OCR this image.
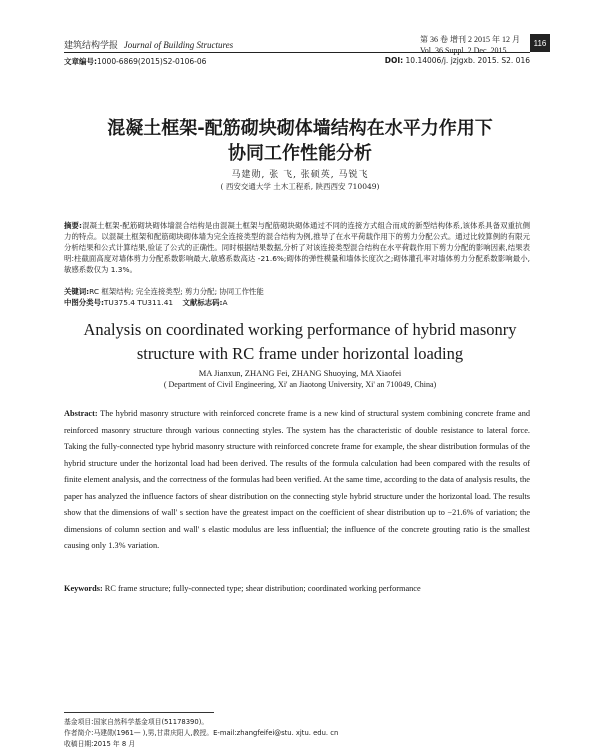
建筑结构学报 Journal of Building Structures
第 36 卷 增刊 2 2015 年 12 月
Vol. 36 Suppl. 2 Dec. 2015
116
文章编号:1000-6869(2015)S2-0106-06	DOI: 10.14006/j. jzjgxb. 2015. S2. 016
混凝土框架-配筋砌块砌体墙结构在水平力作用下
协同工作性能分析
马建勋, 张 飞, 张硕英, 马锐飞
( 西安交通大学 土木工程系, 陕西西安 710049)
摘要:混凝土框架-配筋砌块砌体墙混合结构是由混凝土框架与配筋砌块砌体通过不同的连接方式组合而成的新型结构体系,该体系具备双重抗侧力的特点。以混凝土框架和配筋砌块砌体墙为完全连接类型的混合结构为例,推导了在水平荷载作用下的剪力分配公式。通过比较算例的有限元分析结果和公式计算结果,验证了公式的正确性。同时根据结果数据,分析了对该连接类型混合结构在水平荷载作用下剪力分配的影响因素,结果表明:柱截面高度对墙体剪力分配系数影响最大,敏感系数高达 -21.6%;砌体的弹性模量和墙体长度次之;砌体灌孔率对墙体剪力分配系数影响最小,敏感系数仅为 1.3%。
关键词:RC 框架结构; 完全连接类型; 剪力分配; 协同工作性能
中图分类号:TU375.4 TU311.41 文献标志码:A
Analysis on coordinated working performance of hybrid masonry
structure with RC frame under horizontal loading
MA Jianxun, ZHANG Fei, ZHANG Shuoying, MA Xiaofei
( Department of Civil Engineering, Xi' an Jiaotong University, Xi' an 710049, China)
Abstract: The hybrid masonry structure with reinforced concrete frame is a new kind of structural system combining concrete frame and reinforced masonry structure through various connecting styles. The system has the characteristic of double resistance to lateral force. Taking the fully-connected type hybrid masonry structure with reinforced concrete frame for example, the shear distribution formulas of the hybrid structure under the horizontal load had been derived. The results of the formula calculation had been compared with the results of finite element analysis, and the correctness of the formulas had been verified. At the same time, according to the data of analysis results, the paper has analyzed the influence factors of shear distribution on the connecting style hybrid structure under the horizontal load. The results show that the dimensions of wall' s section have the greatest impact on the coefficient of shear distribution up to −21.6% of variation; the dimensions of column section and wall' s elastic modulus are less influential; the influence of the concrete grouting ratio is the smallest causing only 1.3% variation.
Keywords: RC frame structure; fully-connected type; shear distribution; coordinated working performance
基金项目:国家自然科学基金项目(51178390)。
作者简介:马建勋(1961— ),男,甘肃庆阳人,教授。E-mail:zhangfeifei@stu. xjtu. edu. cn
收稿日期:2015 年 8 月
